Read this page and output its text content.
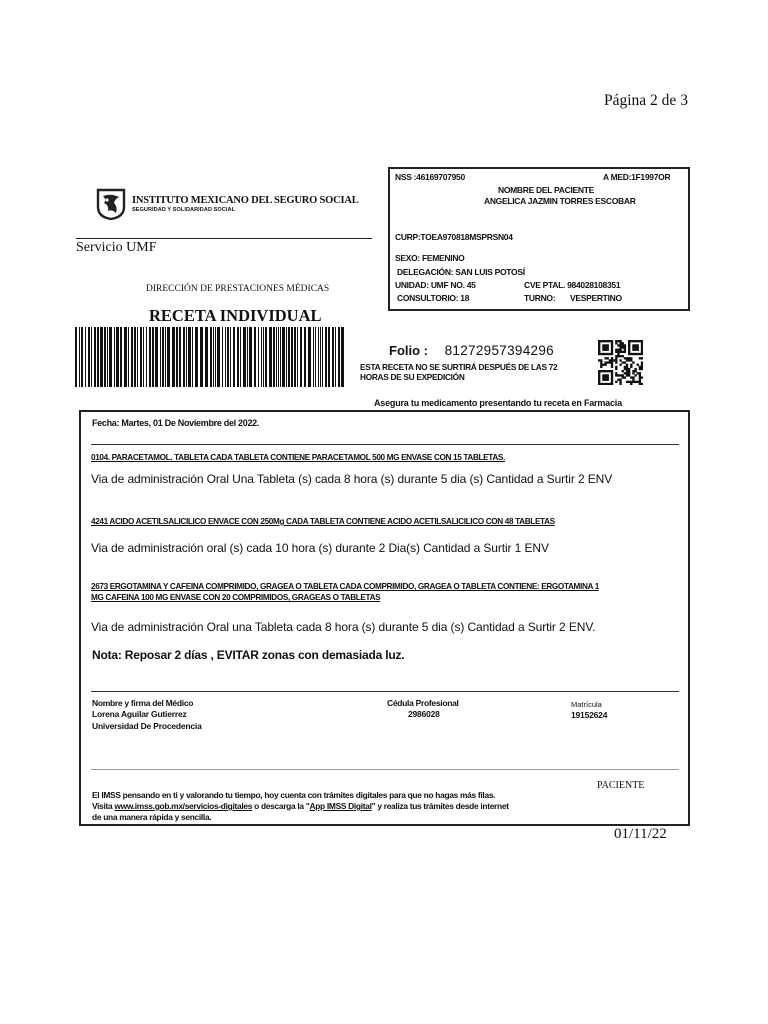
Página 2 de 3
INSTITUTO MEXICANO DEL SEGURO SOCIAL
SEGURIDAD Y SOLIDARIDAD SOCIAL
Servicio UMF
DIRECCIÓN DE PRESTACIONES MÉDICAS
RECETA INDIVIDUAL
NSS :46169707950	A MED:1F1997OR
NOMBRE DEL PACIENTE
ANGELICA JAZMIN TORRES ESCOBAR
CURP:TOEA970818MSPRSN04
SEXO: FEMENINO
DELEGACIÓN: SAN LUIS POTOSÍ
UNIDAD: UMF NO. 45	CVE PTAL. 984028108351
CONSULTORIO: 18	TURNO: VESPERTINO
Folio : 81272957394296
ESTA RECETA NO SE SURTIRÁ DESPUÉS DE LAS 72 HORAS DE SU EXPEDICIÓN
Asegura tu medicamento presentando tu receta en Farmacia
Fecha: Martes, 01 De Noviembre del 2022.
0104. PARACETAMOL. TABLETA CADA TABLETA CONTIENE PARACETAMOL 500 MG ENVASE CON 15 TABLETAS.
Via de administración Oral Una Tableta (s) cada 8 hora (s) durante 5 dia (s) Cantidad a Surtir 2 ENV
4241 ACIDO ACETILSALICILICO ENVACE CON 250Mg CADA TABLETA CONTIENE ACIDO ACETILSALICILICO CON 48 TABLETAS
Via de administración oral (s) cada 10 hora (s) durante 2 Dia(s) Cantidad a Surtir 1 ENV
2673 ERGOTAMINA Y CAFEINA COMPRIMIDO, GRAGEA O TABLETA CADA COMPRIMIDO, GRAGEA O TABLETA CONTIENE: ERGOTAMINA 1
MG CAFEINA 100 MG ENVASE CON 20 COMPRIMIDOS, GRAGEAS O TABLETAS
Via de administración Oral una Tableta cada 8 hora (s) durante 5 dia (s) Cantidad a Surtir 2 ENV.
Nota: Reposar 2 días , EVITAR zonas con demasiada luz.
Nombre y firma del Médico
Lorena Aguilar Gutierrez
Universidad De Procedencia
Cédula Profesional
2986028
Matrícula
19152624
PACIENTE
El IMSS pensando en ti y valorando tu tiempo, hoy cuenta con trámites digitales para que no hagas más filas.
Visita www.imss.gob.mx/servicios-digitales o descarga la "App IMSS Digital" y realiza tus trámites desde internet
de una manera rápida y sencilla.
01/11/22
